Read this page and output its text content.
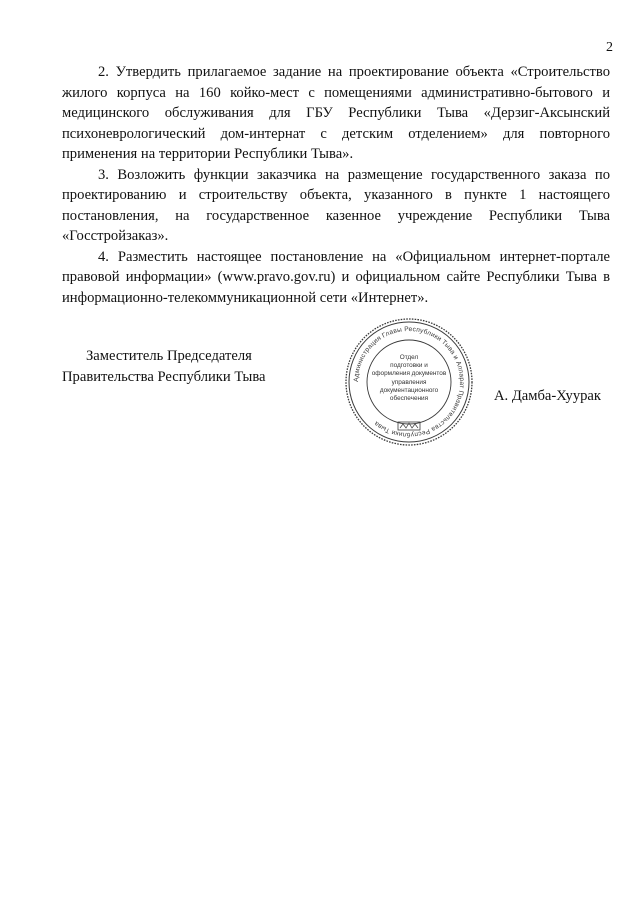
2

2. Утвердить прилагаемое задание на проектирование объекта «Строительство жилого корпуса на 160 койко-мест с помещениями административно-бытового и медицинского обслуживания для ГБУ Республики Тыва «Дерзиг-Аксынский психоневрологический дом-интернат с детским отделением» для повторного применения на территории Республики Тыва».

3. Возложить функции заказчика на размещение государственного заказа по проектированию и строительству объекта, указанного в пункте 1 настоящего постановления, на государственное казенное учреждение Республики Тыва «Госстройзаказ».

4. Разместить настоящее постановление на «Официальном интернет-портале правовой информации» (www.pravo.gov.ru) и официальном сайте Республики Тыва в информационно-телекоммуникационной сети «Интернет».

Заместитель Председателя
Правительства Республики Тыва	Администрация Главы Республики Тыва и Аппарат Правительства Республики Тыва
Отдел
подготовки и
оформления документов
управления
документационного
обеспечения	А. Дамба-Хуурак
